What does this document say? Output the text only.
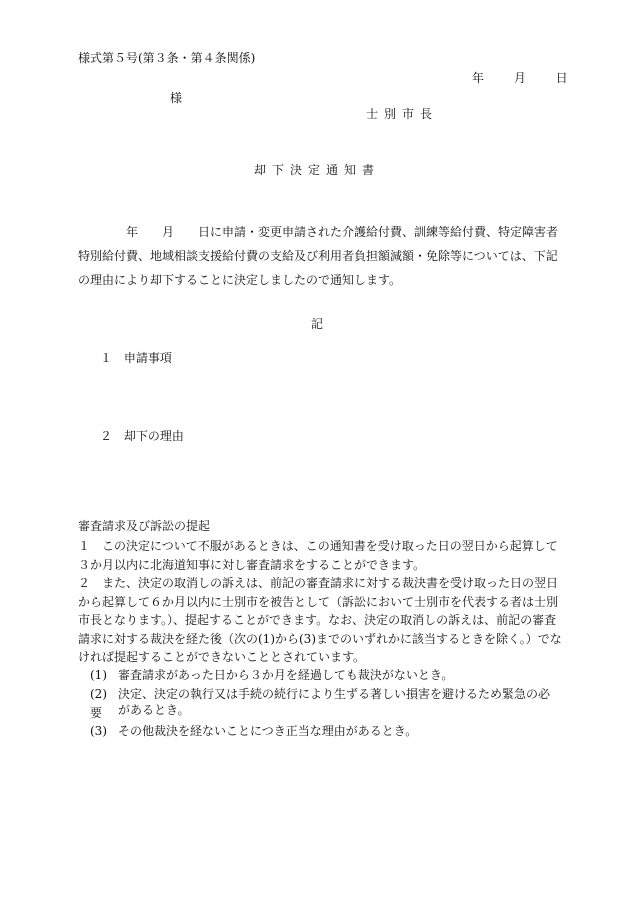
様式第５号(第３条・第４条関係)
年 月 日
様
士別市長
却下決定通知書
　年　　月　　日に申請・変更申請された介護給付費、訓練等給付費、特定障害者特別給付費、地域相談支援給付費の支給及び利用者負担額減額・免除等については、下記の理由により却下することに決定しましたので通知します。
記
１ 申請事項
２ 却下の理由
審査請求及び訴訟の提起
１　この決定について不服があるときは、この通知書を受け取った日の翌日から起算して３か月以内に北海道知事に対し審査請求をすることができます。
２　また、決定の取消しの訴えは、前記の審査請求に対する裁決書を受け取った日の翌日から起算して６か月以内に士別市を被告として（訴訟において士別市を代表する者は士別市長となります。）、提起することができます。なお、決定の取消しの訴えは、前記の審査請求に対する裁決を経た後（次の(1)から(3)までのいずれかに該当するときを除く。）でなければ提起することができないこととされています。
(1) 審査請求があった日から３か月を経過しても裁決がないとき。
(2) 決定、決定の執行又は手続の続行により生ずる著しい損害を避けるため緊急の必要	があるとき。
(3) その他裁決を経ないことにつき正当な理由があるとき。
